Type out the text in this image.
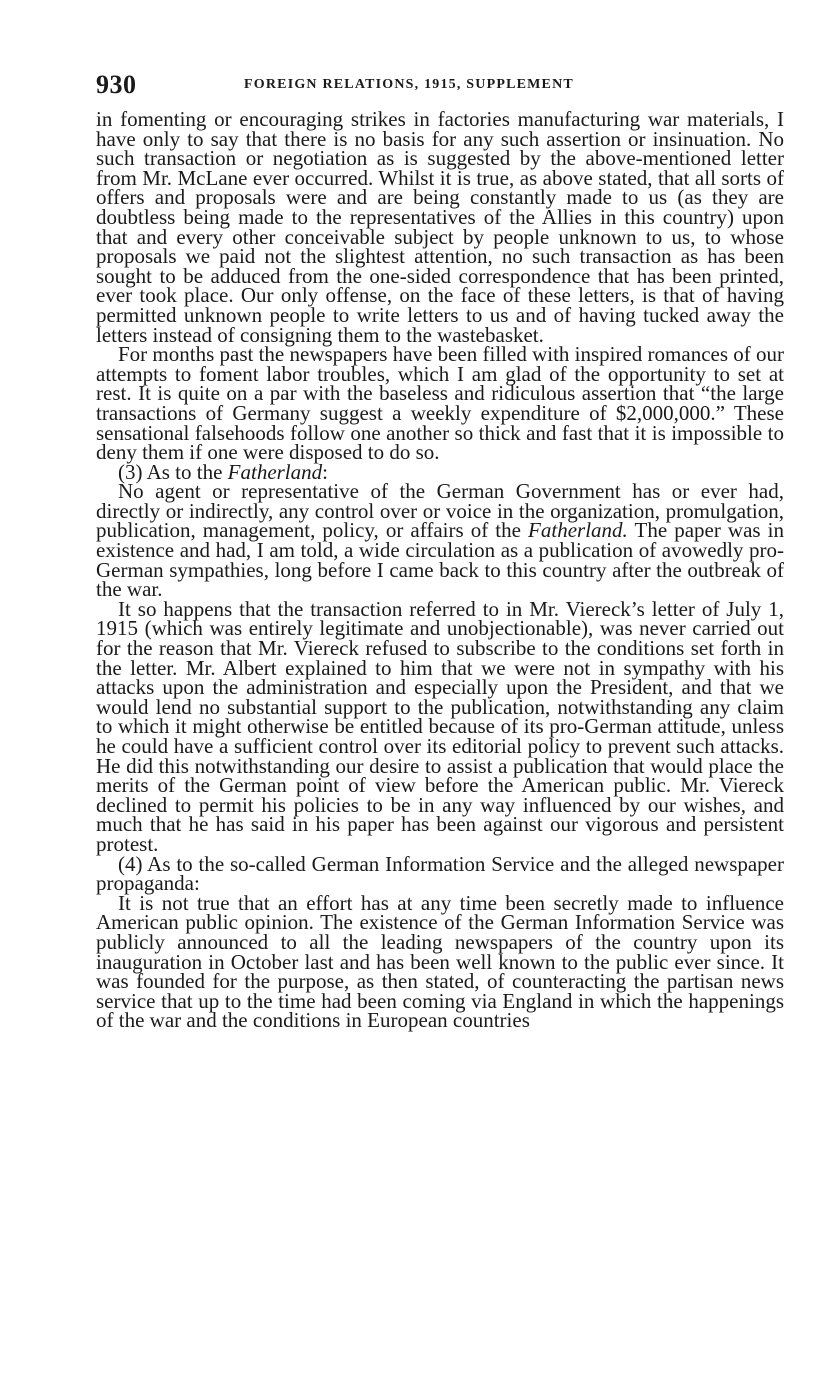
930	FOREIGN RELATIONS, 1915, SUPPLEMENT

in fomenting or encouraging strikes in factories manufacturing war materials, I have only to say that there is no basis for any such assertion or insinuation. No such transaction or negotiation as is suggested by the above-mentioned letter from Mr. McLane ever occurred. Whilst it is true, as above stated, that all sorts of offers and proposals were and are being constantly made to us (as they are doubtless being made to the representatives of the Allies in this country) upon that and every other conceivable subject by people unknown to us, to whose proposals we paid not the slightest attention, no such transaction as has been sought to be adduced from the one-sided correspondence that has been printed, ever took place. Our only offense, on the face of these letters, is that of having permitted unknown people to write letters to us and of having tucked away the letters instead of consigning them to the wastebasket.

For months past the newspapers have been filled with inspired romances of our attempts to foment labor troubles, which I am glad of the opportunity to set at rest. It is quite on a par with the baseless and ridiculous assertion that “the large transactions of Germany suggest a weekly expenditure of $2,000,000.” These sensational falsehoods follow one another so thick and fast that it is impossible to deny them if one were disposed to do so.

(3) As to the Fatherland:

No agent or representative of the German Government has or ever had, directly or indirectly, any control over or voice in the organization, promulgation, publication, management, policy, or affairs of the Fatherland. The paper was in existence and had, I am told, a wide circulation as a publication of avowedly pro-German sympathies, long before I came back to this country after the outbreak of the war.

It so happens that the transaction referred to in Mr. Viereck’s letter of July 1, 1915 (which was entirely legitimate and unobjectionable), was never carried out for the reason that Mr. Viereck refused to subscribe to the conditions set forth in the letter. Mr. Albert explained to him that we were not in sympathy with his attacks upon the administration and especially upon the President, and that we would lend no substantial support to the publication, notwithstanding any claim to which it might otherwise be entitled because of its pro-German attitude, unless he could have a sufficient control over its editorial policy to prevent such attacks. He did this notwithstanding our desire to assist a publication that would place the merits of the German point of view before the American public. Mr. Viereck declined to permit his policies to be in any way influenced by our wishes, and much that he has said in his paper has been against our vigorous and persistent protest.

(4) As to the so-called German Information Service and the alleged newspaper propaganda:

It is not true that an effort has at any time been secretly made to influence American public opinion. The existence of the German Information Service was publicly announced to all the leading newspapers of the country upon its inauguration in October last and has been well known to the public ever since. It was founded for the purpose, as then stated, of counteracting the partisan news service that up to the time had been coming via England in which the happenings of the war and the conditions in European countries
